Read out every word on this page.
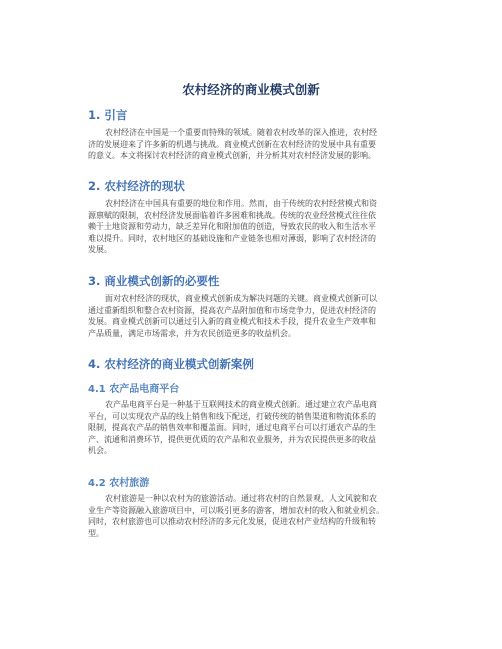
农村经济的商业模式创新
1. 引言
农村经济在中国是一个重要而特殊的领域。随着农村改革的深入推进，农村经
济的发展迎来了许多新的机遇与挑战。商业模式创新在农村经济的发展中具有重要
的意义。本文将探讨农村经济的商业模式创新，并分析其对农村经济发展的影响。
2. 农村经济的现状
农村经济在中国具有重要的地位和作用。然而，由于传统的农村经营模式和资
源禀赋的限制，农村经济发展面临着许多困难和挑战。传统的农业经营模式往往依
赖于土地资源和劳动力，缺乏差异化和附加值的创造，导致农民的收入和生活水平
难以提升。同时，农村地区的基础设施和产业链条也相对薄弱，影响了农村经济的
发展。
3. 商业模式创新的必要性
面对农村经济的现状，商业模式创新成为解决问题的关键。商业模式创新可以
通过重新组织和整合农村资源，提高农产品附加值和市场竞争力，促进农村经济的
发展。商业模式创新可以通过引入新的商业模式和技术手段，提升农业生产效率和
产品质量，满足市场需求，并为农民创造更多的收益机会。
4. 农村经济的商业模式创新案例
4.1 农产品电商平台
农产品电商平台是一种基于互联网技术的商业模式创新。通过建立农产品电商
平台，可以实现农产品的线上销售和线下配送，打破传统的销售渠道和物流体系的
限制，提高农产品的销售效率和覆盖面。同时，通过电商平台可以打通农产品的生
产、流通和消费环节，提供更优质的农产品和农业服务，并为农民提供更多的收益
机会。
4.2 农村旅游
农村旅游是一种以农村为的旅游活动。通过将农村的自然景观、人文风貌和农
业生产等资源融入旅游项目中，可以吸引更多的游客，增加农村的收入和就业机会。
同时，农村旅游也可以推动农村经济的多元化发展，促进农村产业结构的升级和转
型。
